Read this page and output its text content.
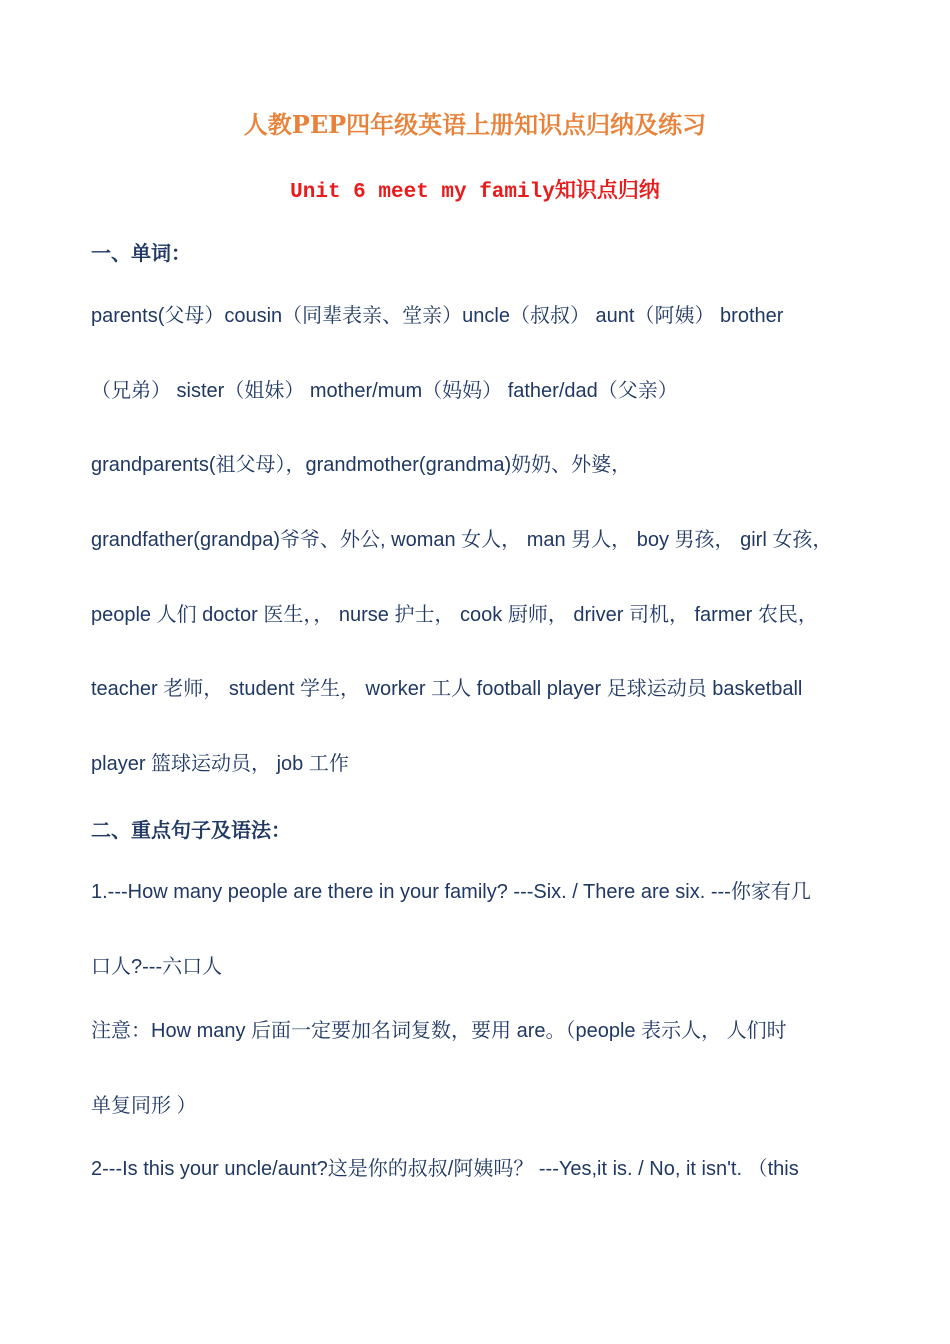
人教PEP四年级英语上册知识点归纳及练习
Unit 6 meet my family知识点归纳

一、单词：

parents(父母）cousin（同辈表亲、堂亲）uncle（叔叔） aunt（阿姨） brother

（兄弟） sister（姐妹） mother/mum（妈妈） father/dad（父亲）

grandparents(祖父母），grandmother(grandma)奶奶、外婆，

grandfather(grandpa)爷爷、外公, woman 女人， man 男人， boy 男孩， girl 女孩，

people 人们 doctor 医生，， nurse 护士， cook 厨师， driver 司机， farmer 农民，

teacher 老师， student 学生， worker 工人 football player 足球运动员 basketball

player 篮球运动员， job 工作

二、重点句子及语法：

1.---How many people are there in your family? ---Six. / There are six. ---你家有几

口人?---六口人

注意：How many 后面一定要加名词复数，要用 are。（people 表示人， 人们时

单复同形 ）

2---Is this your uncle/aunt?这是你的叔叔/阿姨吗？ ---Yes,it is. / No, it isn't. （this
